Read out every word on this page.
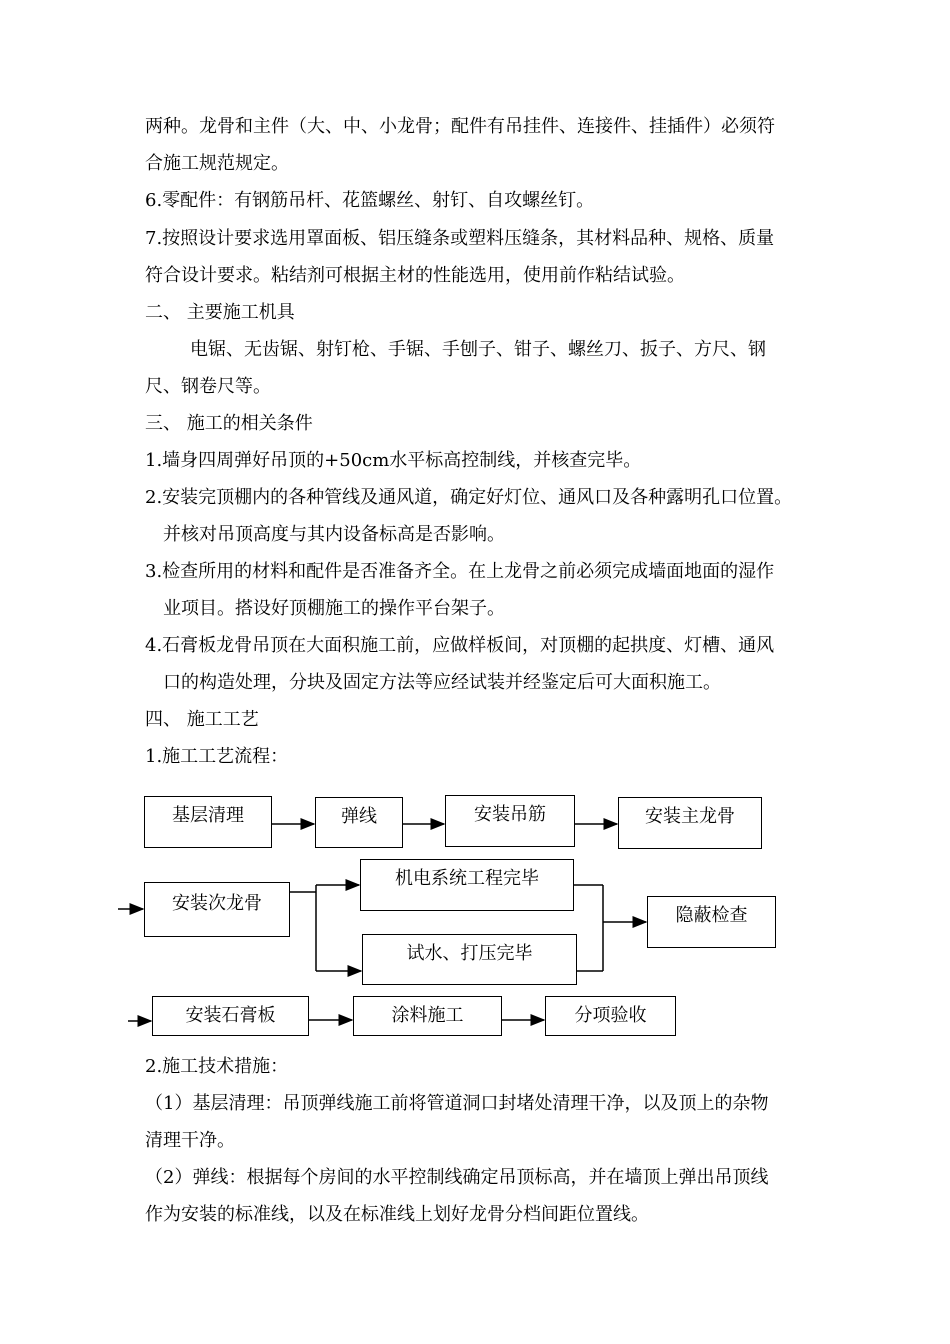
两种。龙骨和主件（大、中、小龙骨；配件有吊挂件、连接件、挂插件）必须符
合施工规范规定。
6.零配件：有钢筋吊杆、花篮螺丝、射钉、自攻螺丝钉。
7.按照设计要求选用罩面板、铝压缝条或塑料压缝条，其材料品种、规格、质量
符合设计要求。粘结剂可根据主材的性能选用，使用前作粘结试验。
二、 主要施工机具
电锯、无齿锯、射钉枪、手锯、手刨子、钳子、螺丝刀、扳子、方尺、钢
尺、钢卷尺等。
三、 施工的相关条件
1.墙身四周弹好吊顶的+50cm水平标高控制线，并核查完毕。
2.安装完顶棚内的各种管线及通风道，确定好灯位、通风口及各种露明孔口位置。
并核对吊顶高度与其内设备标高是否影响。
3.检查所用的材料和配件是否准备齐全。在上龙骨之前必须完成墙面地面的湿作
业项目。搭设好顶棚施工的操作平台架子。
4.石膏板龙骨吊顶在大面积施工前，应做样板间，对顶棚的起拱度、灯槽、通风
口的构造处理，分块及固定方法等应经试装并经鉴定后可大面积施工。
四、 施工工艺
1.施工工艺流程：
基层清理	弹线	安装吊筋	安装主龙骨
安装次龙骨
机电系统工程完毕
试水、打压完毕
隐蔽检查
安装石膏板	涂料施工	分项验收
2.施工技术措施：
（1）基层清理：吊顶弹线施工前将管道洞口封堵处清理干净，以及顶上的杂物
清理干净。
（2）弹线：根据每个房间的水平控制线确定吊顶标高，并在墙顶上弹出吊顶线
作为安装的标准线，以及在标准线上划好龙骨分档间距位置线。
